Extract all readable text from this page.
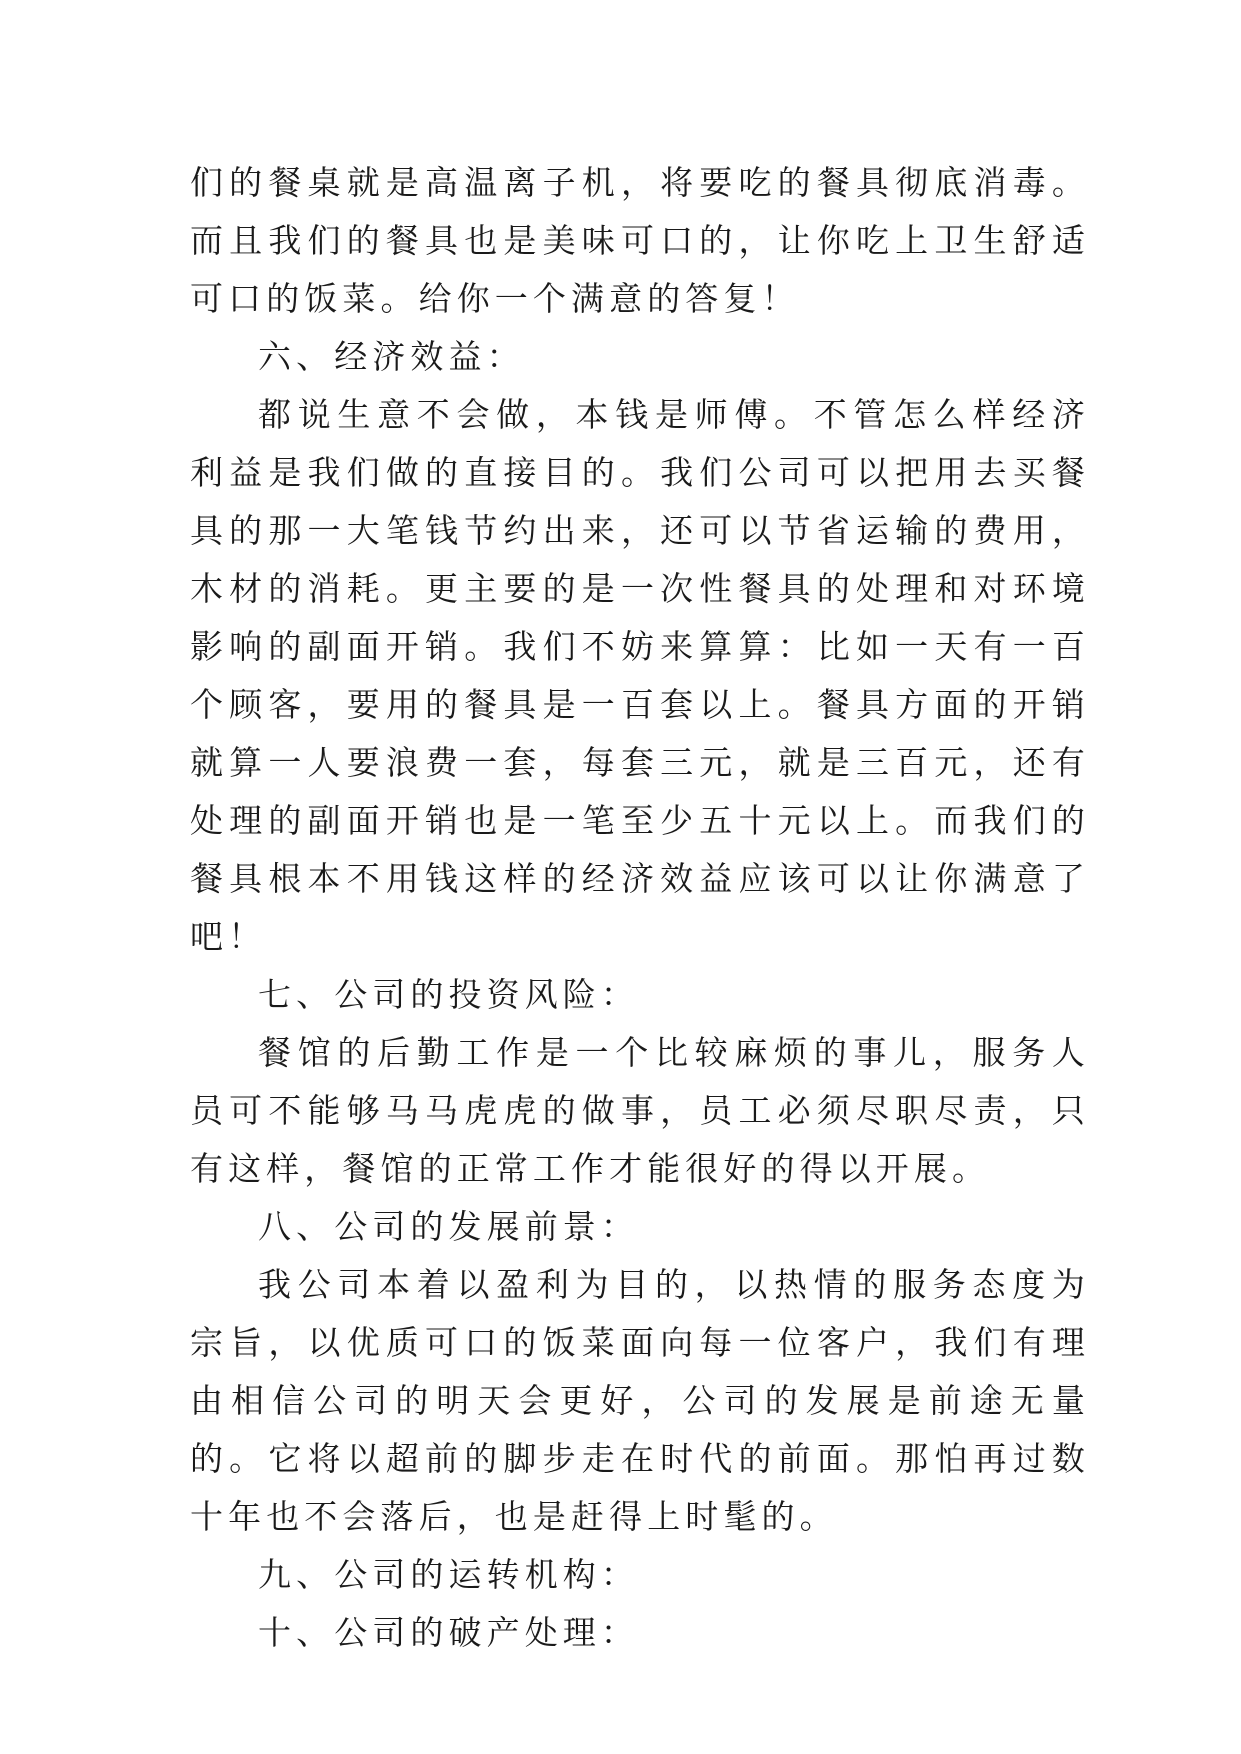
们的餐桌就是高温离子机，将要吃的餐具彻底消毒。而且我们的餐具也是美味可口的，让你吃上卫生舒适可口的饭菜。给你一个满意的答复！

六、经济效益：

都说生意不会做，本钱是师傅。不管怎么样经济利益是我们做的直接目的。我们公司可以把用去买餐具的那一大笔钱节约出来，还可以节省运输的费用，木材的消耗。更主要的是一次性餐具的处理和对环境影响的副面开销。我们不妨来算算：比如一天有一百个顾客，要用的餐具是一百套以上。餐具方面的开销就算一人要浪费一套，每套三元，就是三百元，还有处理的副面开销也是一笔至少五十元以上。而我们的餐具根本不用钱这样的经济效益应该可以让你满意了吧！

七、公司的投资风险：

餐馆的后勤工作是一个比较麻烦的事儿，服务人员可不能够马马虎虎的做事，员工必须尽职尽责，只有这样，餐馆的正常工作才能很好的得以开展。

八、公司的发展前景：

我公司本着以盈利为目的，以热情的服务态度为宗旨，以优质可口的饭菜面向每一位客户，我们有理由相信公司的明天会更好，公司的发展是前途无量的。它将以超前的脚步走在时代的前面。那怕再过数十年也不会落后，也是赶得上时髦的。

九、公司的运转机构：

十、公司的破产处理：
